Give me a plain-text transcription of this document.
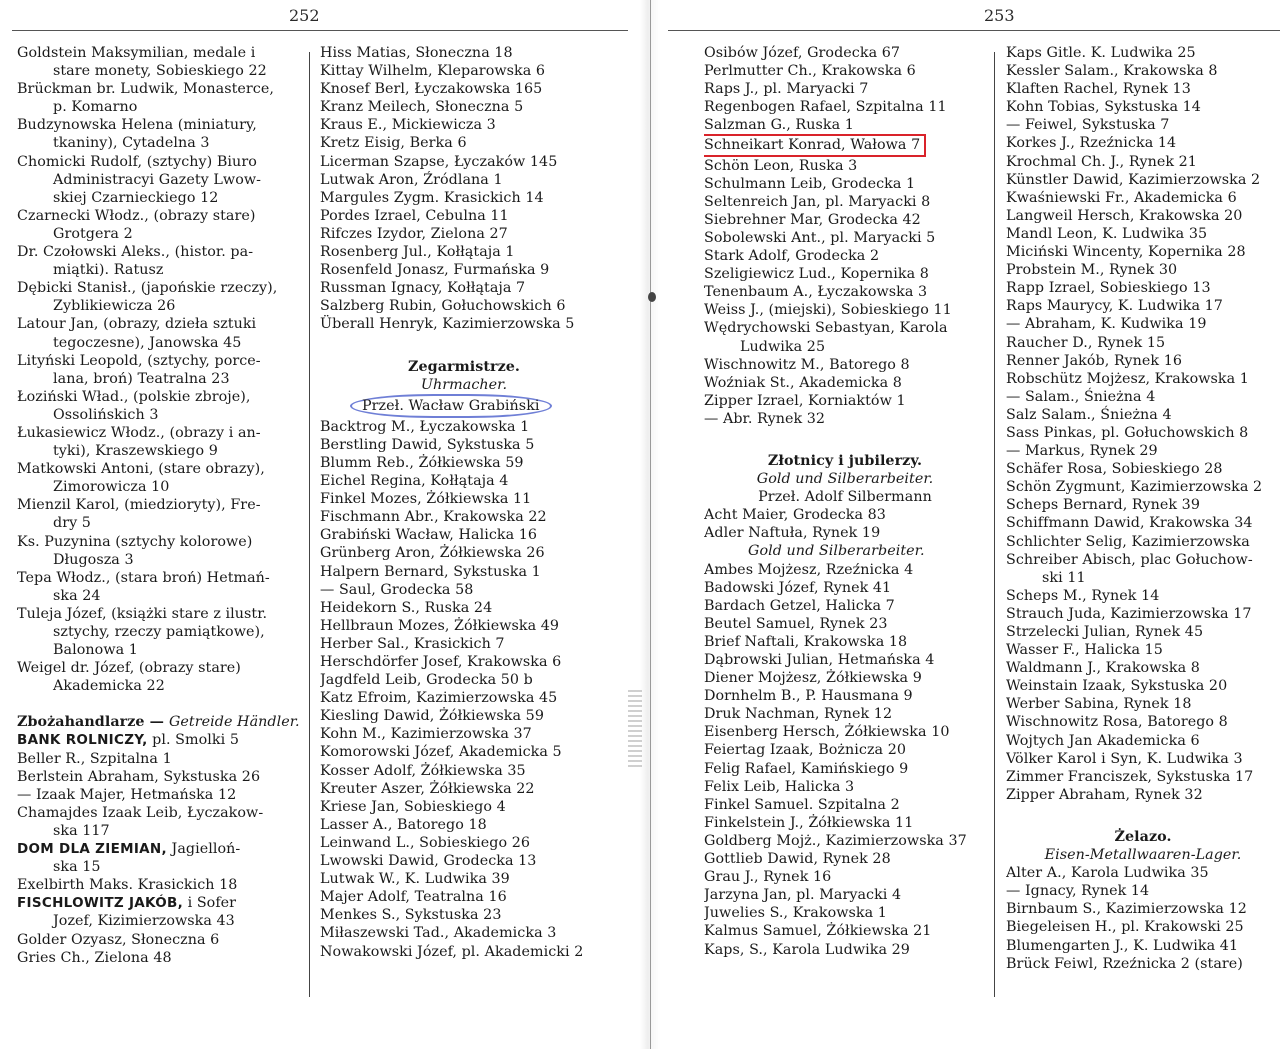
252	253
Goldstein Maksymilian, medale i
stare monety, Sobieskiego 22
Brückman br. Ludwik, Monasterce,
p. Komarno
Budzynowska Helena (miniatury,
tkaniny), Cytadelna 3
Chomicki Rudolf, (sztychy) Biuro
Administracyi Gazety Lwow-
skiej Czarnieckiego 12
Czarnecki Włodz., (obrazy stare)
Grotgera 2
Dr. Czołowski Aleks., (histor. pa-
miątki). Ratusz
Dębicki Stanisł., (japońskie rzeczy),
Zyblikiewicza 26
Latour Jan, (obrazy, dzieła sztuki
tegoczesne), Janowska 45
Lityński Leopold, (sztychy, porce-
lana, broń) Teatralna 23
Łoziński Wład., (polskie zbroje),
Ossolińskich 3
Łukasiewicz Włodz., (obrazy i an-
tyki), Kraszewskiego 9
Matkowski Antoni, (stare obrazy),
Zimorowicza 10
Mienzil Karol, (miedzioryty), Fre-
dry 5
Ks. Puzynina (sztychy kolorowe)
Długosza 3
Tepa Włodz., (stara broń) Hetmań-
ska 24
Tuleja Józef, (książki stare z ilustr.
sztychy, rzeczy pamiątkowe),
Balonowa 1
Weigel dr. Józef, (obrazy stare)
Akademicka 22
Zbożahandlarze — Getreide Händler.
BANK ROLNICZY, pl. Smolki 5
Beller R., Szpitalna 1
Berlstein Abraham, Sykstuska 26
— Izaak Majer, Hetmańska 12
Chamajdes Izaak Leib, Łyczakow-
ska 117
DOM DLA ZIEMIAN, Jagielloń-
ska 15
Exelbirth Maks. Krasickich 18
FISCHLOWITZ JAKÓB, i Sofer
Jozef, Kizimierzowska 43
Golder Ozyasz, Słoneczna 6
Gries Ch., Zielona 48
Hiss Matias, Słoneczna 18
Kittay Wilhelm, Kleparowska 6
Knosef Berl, Łyczakowska 165
Kranz Meilech, Słoneczna 5
Kraus E., Mickiewicza 3
Kretz Eisig, Berka 6
Licerman Szapse, Łyczaków 145
Lutwak Aron, Źródlana 1
Margules Zygm. Krasickich 14
Pordes Izrael, Cebulna 11
Rifczes Izydor, Zielona 27
Rosenberg Jul., Kołłątaja 1
Rosenfeld Jonasz, Furmańska 9
Russman Ignacy, Kołłątaja 7
Salzberg Rubin, Gołuchowskich 6
Überall Henryk, Kazimierzowska 5
Zegarmistrze.
Uhrmacher.
Przeł. Wacław Grabiński
Backtrog M., Łyczakowska 1
Berstling Dawid, Sykstuska 5
Blumm Reb., Żółkiewska 59
Eichel Regina, Kołłątaja 4
Finkel Mozes, Żółkiewska 11
Fischmann Abr., Krakowska 22
Grabiński Wacław, Halicka 16
Grünberg Aron, Żółkiewska 26
Halpern Bernard, Sykstuska 1
— Saul, Grodecka 58
Heidekorn S., Ruska 24
Hellbraun Mozes, Żółkiewska 49
Herber Sal., Krasickich 7
Herschdörfer Josef, Krakowska 6
Jagdfeld Leib, Grodecka 50 b
Katz Efroim, Kazimierzowska 45
Kiesling Dawid, Żółkiewska 59
Kohn M., Kazimierzowska 37
Komorowski Józef, Akademicka 5
Kosser Adolf, Żółkiewska 35
Kreuter Aszer, Żółkiewska 22
Kriese Jan, Sobieskiego 4
Lasser A., Batorego 18
Leinwand L., Sobieskiego 26
Lwowski Dawid, Grodecka 13
Lutwak W., K. Ludwika 39
Majer Adolf, Teatralna 16
Menkes S., Sykstuska 23
Miłaszewski Tad., Akademicka 3
Nowakowski Józef, pl. Akademicki 2
Osibów Józef, Grodecka 67
Perlmutter Ch., Krakowska 6
Raps J., pl. Maryacki 7
Regenbogen Rafael, Szpitalna 11
Salzman G., Ruska 1
Schneikart Konrad, Wałowa 7
Schön Leon, Ruska 3
Schulmann Leib, Grodecka 1
Seltenreich Jan, pl. Maryacki 8
Siebrehner Mar, Grodecka 42
Sobolewski Ant., pl. Maryacki 5
Stark Adolf, Grodecka 2
Szeligiewicz Lud., Kopernika 8
Tenenbaum A., Łyczakowska 3
Weiss J., (miejski), Sobieskiego 11
Wędrychowski Sebastyan, Karola
Ludwika 25
Wischnowitz M., Batorego 8
Woźniak St., Akademicka 8
Zipper Izrael, Korniaktów 1
— Abr. Rynek 32
Złotnicy i jubilerzy.
Gold und Silberarbeiter.
Przeł. Adolf Silbermann
Acht Maier, Grodecka 83
Adler Naftuła, Rynek 19
Gold und Silberarbeiter.
Ambes Mojżesz, Rzeźnicka 4
Badowski Józef, Rynek 41
Bardach Getzel, Halicka 7
Beutel Samuel, Rynek 23
Brief Naftali, Krakowska 18
Dąbrowski Julian, Hetmańska 4
Diener Mojżesz, Żółkiewska 9
Dornhelm B., P. Hausmana 9
Druk Nachman, Rynek 12
Eisenberg Hersch, Żółkiewska 10
Feiertag Izaak, Bożnicza 20
Felig Rafael, Kamińskiego 9
Felix Leib, Halicka 3
Finkel Samuel. Szpitalna 2
Finkelstein J., Żółkiewska 11
Goldberg Mojż., Kazimierzowska 37
Gottlieb Dawid, Rynek 28
Grau J., Rynek 16
Jarzyna Jan, pl. Maryacki 4
Juwelies S., Krakowska 1
Kalmus Samuel, Żółkiewska 21
Kaps, S., Karola Ludwika 29
Kaps Gitle. K. Ludwika 25
Kessler Salam., Krakowska 8
Klaften Rachel, Rynek 13
Kohn Tobias, Sykstuska 14
— Feiwel, Sykstuska 7
Korkes J., Rzeźnicka 14
Krochmal Ch. J., Rynek 21
Künstler Dawid, Kazimierzowska 2
Kwaśniewski Fr., Akademicka 6
Langweil Hersch, Krakowska 20
Mandl Leon, K. Ludwika 35
Miciński Wincenty, Kopernika 28
Probstein M., Rynek 30
Rapp Izrael, Sobieskiego 13
Raps Maurycy, K. Ludwika 17
— Abraham, K. Kudwika 19
Raucher D., Rynek 15
Renner Jakób, Rynek 16
Robschütz Mojżesz, Krakowska 1
— Salam., Śnieżna 4
Salz Salam., Śnieżna 4
Sass Pinkas, pl. Gołuchowskich 8
— Markus, Rynek 29
Schäfer Rosa, Sobieskiego 28
Schön Zygmunt, Kazimierzowska 2
Scheps Bernard, Rynek 39
Schiffmann Dawid, Krakowska 34
Schlichter Selig, Kazimierzowska
Schreiber Abisch, plac Gołuchow-
ski 11
Scheps M., Rynek 14
Strauch Juda, Kazimierzowska 17
Strzelecki Julian, Rynek 45
Wasser F., Halicka 15
Waldmann J., Krakowska 8
Weinstain Izaak, Sykstuska 20
Werber Sabina, Rynek 18
Wischnowitz Rosa, Batorego 8
Wojtych Jan Akademicka 6
Völker Karol i Syn, K. Ludwika 3
Zimmer Franciszek, Sykstuska 17
Zipper Abraham, Rynek 32
Żelazo.
Eisen-Metallwaaren-Lager.
Alter A., Karola Ludwika 35
— Ignacy, Rynek 14
Birnbaum S., Kazimierzowska 12
Biegeleisen H., pl. Krakowski 25
Blumengarten J., K. Ludwika 41
Brück Feiwl, Rzeźnicka 2 (stare)
